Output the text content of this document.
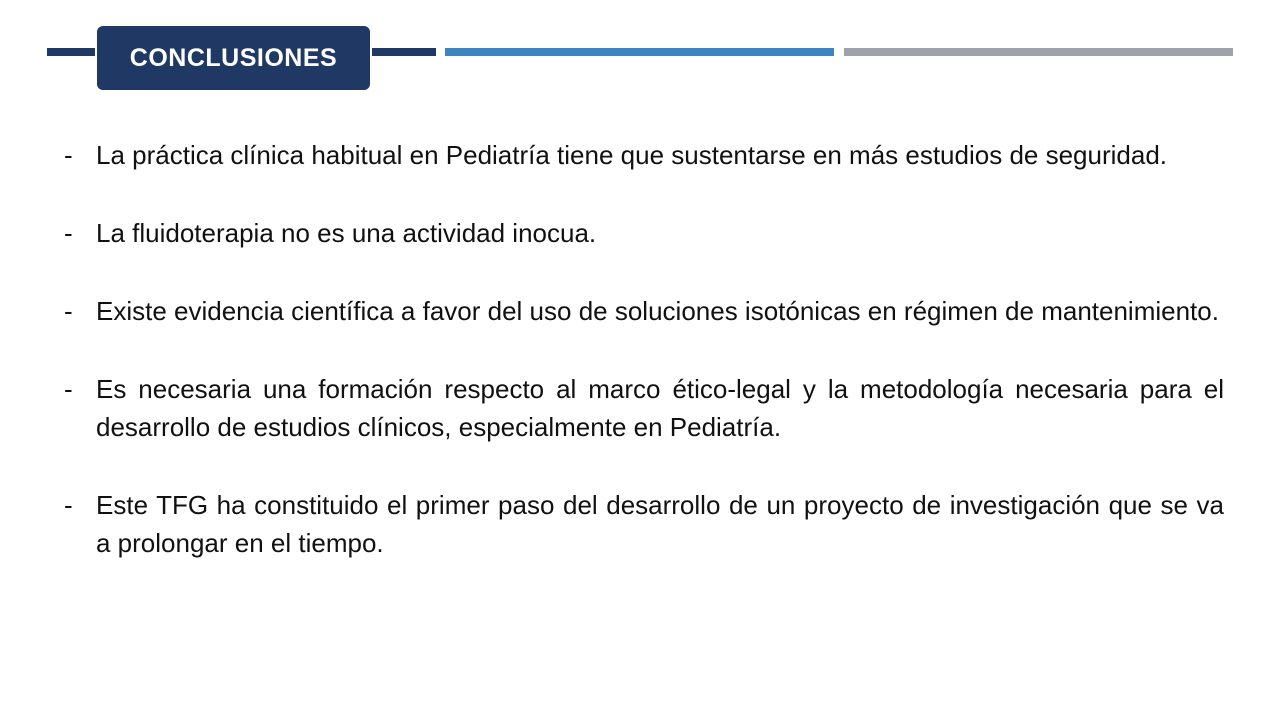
CONCLUSIONES
- La práctica clínica habitual en Pediatría tiene que sustentarse en más estudios de seguridad.
- La fluidoterapia no es una actividad inocua.
- Existe evidencia científica a favor del uso de soluciones isotónicas en régimen de mantenimiento.
- Es necesaria una formación respecto al marco ético-legal y la metodología necesaria para el desarrollo de estudios clínicos, especialmente en Pediatría.
- Este TFG ha constituido el primer paso del desarrollo de un proyecto de investigación que se va a prolongar en el tiempo.
